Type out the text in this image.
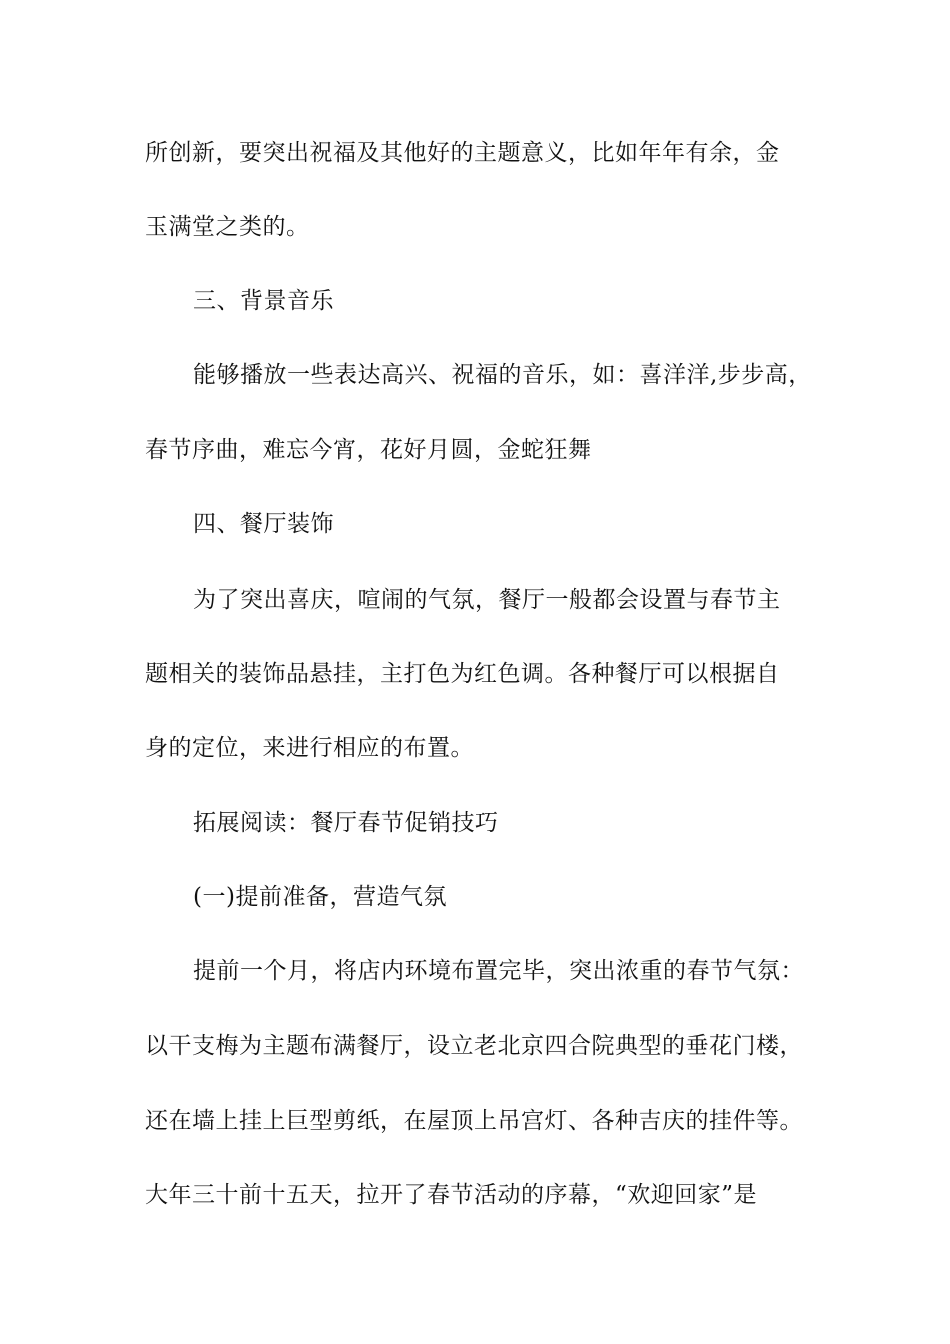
所创新，要突出祝福及其他好的主题意义，比如年年有余，金
玉满堂之类的。
三、背景音乐
能够播放一些表达高兴、祝福的音乐，如：喜洋洋,步步高，
春节序曲，难忘今宵，花好月圆，金蛇狂舞
四、餐厅装饰
为了突出喜庆，喧闹的气氛，餐厅一般都会设置与春节主
题相关的装饰品悬挂，主打色为红色调。各种餐厅可以根据自
身的定位，来进行相应的布置。
拓展阅读：餐厅春节促销技巧
(一)提前准备，营造气氛
提前一个月，将店内环境布置完毕，突出浓重的春节气氛：
以干支梅为主题布满餐厅，设立老北京四合院典型的垂花门楼，
还在墙上挂上巨型剪纸，在屋顶上吊宫灯、各种吉庆的挂件等。
大年三十前十五天，拉开了春节活动的序幕，“欢迎回家”是
